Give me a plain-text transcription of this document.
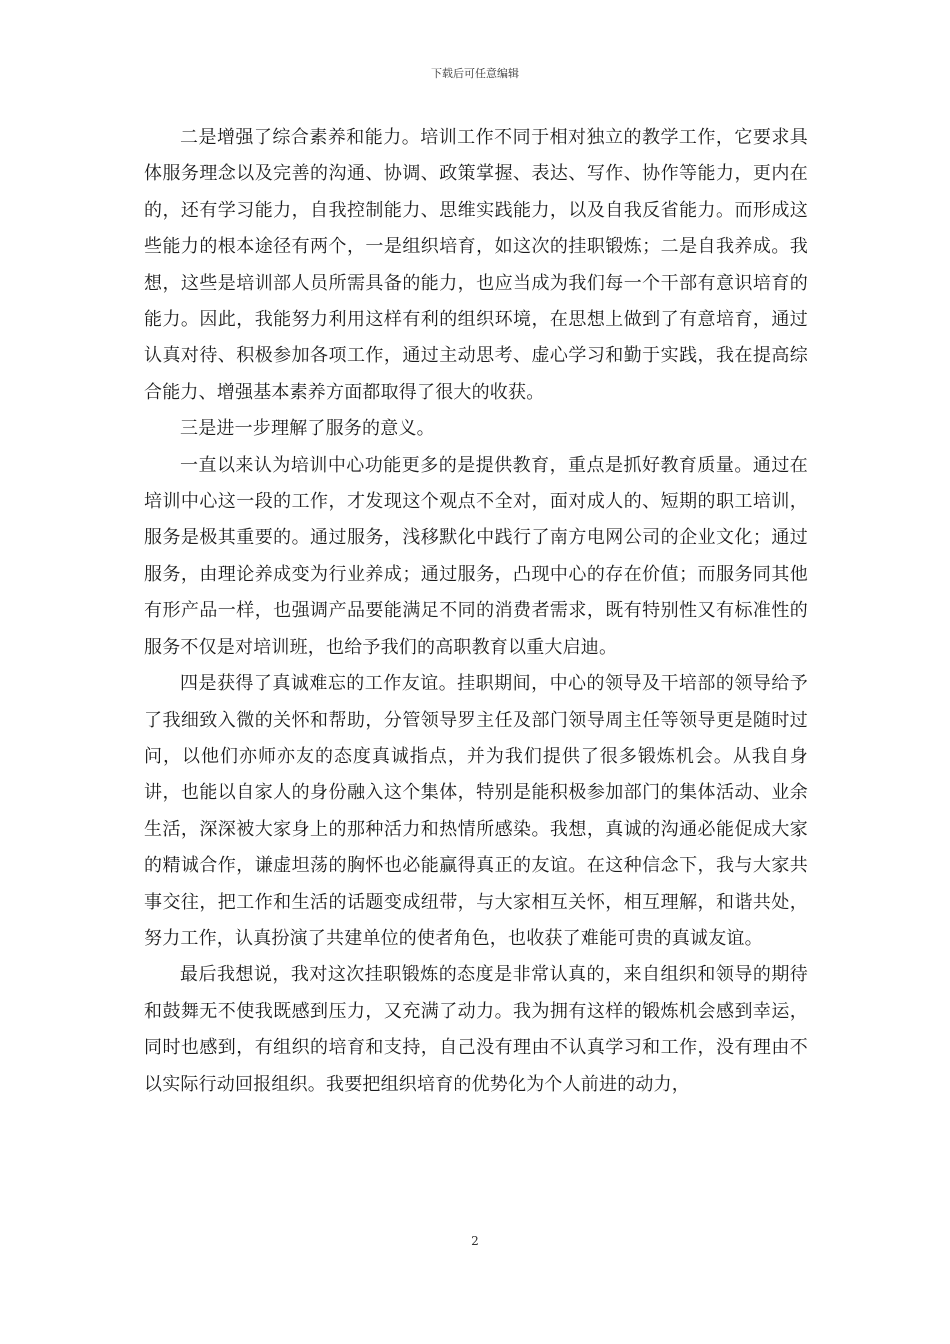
下载后可任意编辑

二是增强了综合素养和能力。培训工作不同于相对独立的教学工作，它要求具体服务理念以及完善的沟通、协调、政策掌握、表达、写作、协作等能力，更内在的，还有学习能力，自我控制能力、思维实践能力，以及自我反省能力。而形成这些能力的根本途径有两个，一是组织培育，如这次的挂职锻炼；二是自我养成。我想，这些是培训部人员所需具备的能力，也应当成为我们每一个干部有意识培育的能力。因此，我能努力利用这样有利的组织环境，在思想上做到了有意培育，通过认真对待、积极参加各项工作，通过主动思考、虚心学习和勤于实践，我在提高综合能力、增强基本素养方面都取得了很大的收获。

三是进一步理解了服务的意义。

一直以来认为培训中心功能更多的是提供教育，重点是抓好教育质量。通过在培训中心这一段的工作，才发现这个观点不全对，面对成人的、短期的职工培训，服务是极其重要的。通过服务，浅移默化中践行了南方电网公司的企业文化；通过服务，由理论养成变为行业养成；通过服务，凸现中心的存在价值；而服务同其他有形产品一样，也强调产品要能满足不同的消费者需求，既有特别性又有标准性的服务不仅是对培训班，也给予我们的高职教育以重大启迪。

四是获得了真诚难忘的工作友谊。挂职期间，中心的领导及干培部的领导给予了我细致入微的关怀和帮助，分管领导罗主任及部门领导周主任等领导更是随时过问，以他们亦师亦友的态度真诚指点，并为我们提供了很多锻炼机会。从我自身讲，也能以自家人的身份融入这个集体，特别是能积极参加部门的集体活动、业余生活，深深被大家身上的那种活力和热情所感染。我想，真诚的沟通必能促成大家的精诚合作，谦虚坦荡的胸怀也必能赢得真正的友谊。在这种信念下，我与大家共事交往，把工作和生活的话题变成纽带，与大家相互关怀，相互理解，和谐共处，努力工作，认真扮演了共建单位的使者角色，也收获了难能可贵的真诚友谊。

最后我想说，我对这次挂职锻炼的态度是非常认真的，来自组织和领导的期待和鼓舞无不使我既感到压力，又充满了动力。我为拥有这样的锻炼机会感到幸运，同时也感到，有组织的培育和支持，自己没有理由不认真学习和工作，没有理由不以实际行动回报组织。我要把组织培育的优势化为个人前进的动力，

2
